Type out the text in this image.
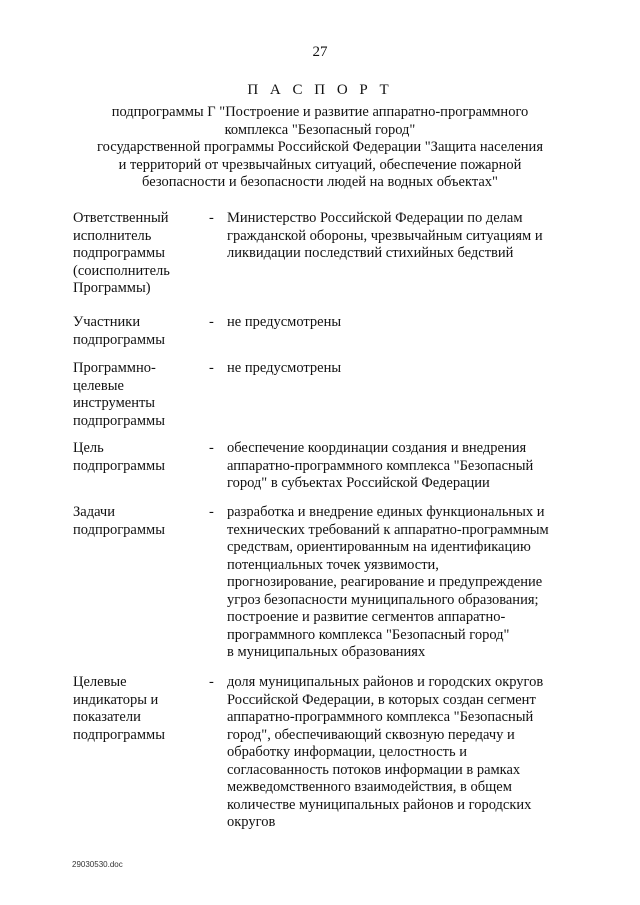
27
П А С П О Р Т
подпрограммы Г "Построение и развитие аппаратно-программного
комплекса "Безопасный город"
государственной программы Российской Федерации "Защита населения
и территорий от чрезвычайных ситуаций, обеспечение пожарной
безопасности и безопасности людей на водных объектах"
Ответственный
исполнитель
подпрограммы
(соисполнитель
Программы)
- Министерство Российской Федерации по делам
гражданской обороны, чрезвычайным ситуациям и
ликвидации последствий стихийных бедствий
Участники
подпрограммы
- не предусмотрены
Программно-
целевые
инструменты
подпрограммы
- не предусмотрены
Цель
подпрограммы
- обеспечение координации создания и внедрения
аппаратно-программного комплекса "Безопасный
город" в субъектах Российской Федерации
Задачи
подпрограммы
- разработка и внедрение единых функциональных и
технических требований к аппаратно-программным
средствам, ориентированным на идентификацию
потенциальных точек уязвимости,
прогнозирование, реагирование и предупреждение
угроз безопасности муниципального образования;
построение и развитие сегментов аппаратно-
программного комплекса "Безопасный город"
в муниципальных образованиях
Целевые
индикаторы и
показатели
подпрограммы
- доля муниципальных районов и городских округов
Российской Федерации, в которых создан сегмент
аппаратно-программного комплекса "Безопасный
город", обеспечивающий сквозную передачу и
обработку информации, целостность и
согласованность потоков информации в рамках
межведомственного взаимодействия, в общем
количестве муниципальных районов и городских
округов
29030530.doc
